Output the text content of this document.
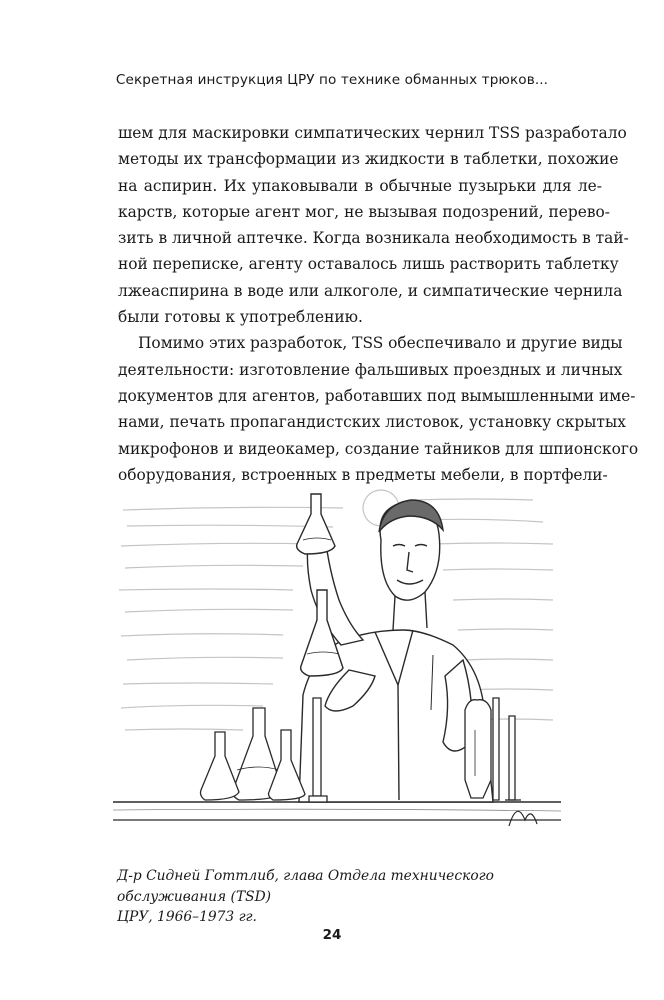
Секретная инструкция ЦРУ по технике обманных трюков...

шем для маскировки симпатических чернил TSS разработало
методы их трансформации из жидкости в таблетки, похожие
на аспирин. Их упаковывали в обычные пузырьки для ле-
карств, которые агент мог, не вызывая подозрений, перево-
зить в личной аптечке. Когда возникала необходимость в тай-
ной переписке, агенту оставалось лишь растворить таблетку
лжеаспирина в воде или алкоголе, и симпатические чернила
были готовы к употреблению.

Помимо этих разработок, TSS обеспечивало и другие виды
деятельности: изготовление фальшивых проездных и личных
документов для агентов, работавших под вымышленными име-
нами, печать пропагандистских листовок, установку скрытых
микрофонов и видеокамер, создание тайников для шпионского
оборудования, встроенных в предметы мебели, в портфели-

Д-р Сидней Готтлиб, глава Отдела технического обслуживания (TSD)
ЦРУ, 1966–1973 гг.
24
